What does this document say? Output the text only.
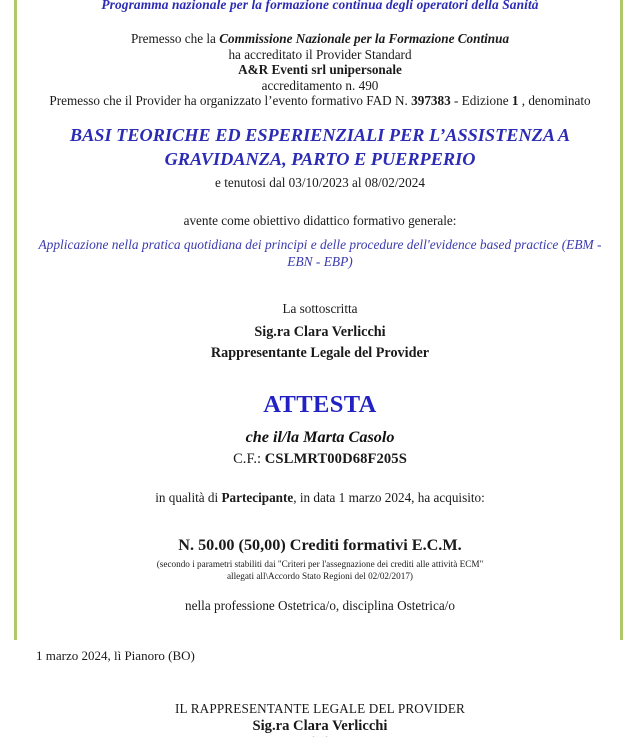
Programma nazionale per la formazione continua degli operatori della Sanità

Premesso che la Commissione Nazionale per la Formazione Continua

ha accreditato il Provider Standard

A&R Eventi srl unipersonale

accreditamento n. 490

Premesso che il Provider ha organizzato l’evento formativo FAD N. 397383 - Edizione 1 , denominato

BASI TEORICHE ED ESPERIENZIALI PER L’ASSISTENZA A

GRAVIDANZA, PARTO E PUERPERIO

e tenutosi dal 03/10/2023 al 08/02/2024

avente come obiettivo didattico formativo generale:

Applicazione nella pratica quotidiana dei principi e delle procedure dell'evidence based practice (EBM - EBN - EBP)

La sottoscritta

Sig.ra Clara Verlicchi

Rappresentante Legale del Provider

ATTESTA

che il/la Marta Casolo

C.F.: CSLMRT00D68F205S

in qualità di Partecipante, in data 1 marzo 2024, ha acquisito:

N. 50.00 (50,00) Crediti formativi E.C.M.

(secondo i parametri stabiliti dai "Criteri per l'assegnazione dei crediti alle attività ECM"

allegati all\Accordo Stato Regioni del 02/02/2017)

nella professione Ostetrica/o, disciplina Ostetrica/o

1 marzo 2024, lì Pianoro (BO)

IL RAPPRESENTANTE LEGALE DEL PROVIDER

Sig.ra Clara Verlicchi

⌒
